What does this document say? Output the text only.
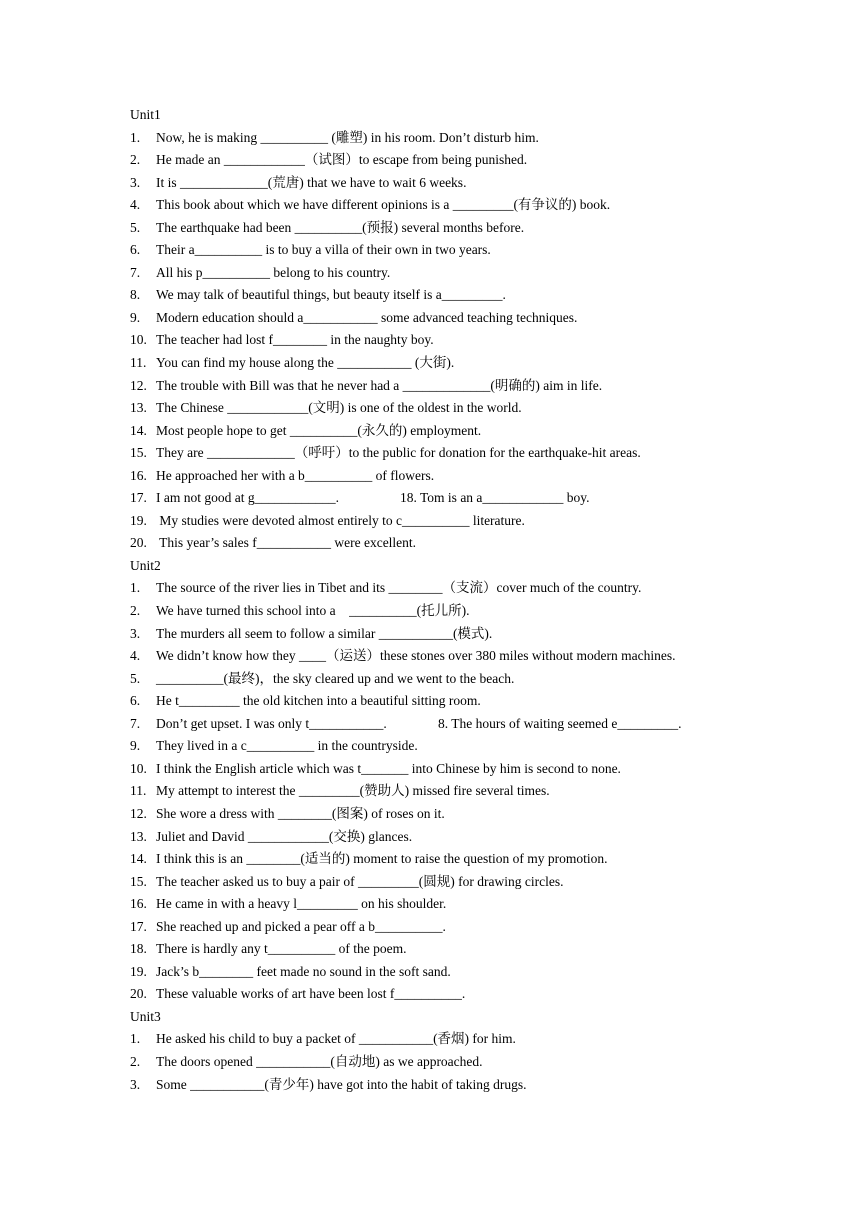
Unit1
1. Now, he is making __________ (雕塑) in his room. Don’t disturb him.
2. He made an ____________（试图）to escape from being punished.
3. It is _____________(荒唐) that we have to wait 6 weeks.
4. This book about which we have different opinions is a _________(有争议的) book.
5. The earthquake had been __________(预报) several months before.
6. Their a__________ is to buy a villa of their own in two years.
7. All his p__________ belong to his country.
8. We may talk of beautiful things, but beauty itself is a_________.
9. Modern education should a___________ some advanced teaching techniques.
10. The teacher had lost f________ in the naughty boy.
11. You can find my house along the ___________ (大街).
12. The trouble with Bill was that he never had a _____________(明确的) aim in life.
13. The Chinese ____________(文明) is one of the oldest in the world.
14. Most people hope to get __________(永久的) employment.
15. They are _____________（呼吁）to the public for donation for the earthquake-hit areas.
16. He approached her with a b__________ of flowers.
17. I am not good at g____________.	18. Tom is an a____________ boy.
19. My studies were devoted almost entirely to c__________ literature.
20. This year’s sales f___________ were excellent.
Unit2
1. The source of the river lies in Tibet and its ________（支流）cover much of the country.
2. We have turned this school into a    __________(托儿所).
3. The murders all seem to follow a similar ___________(模式).
4. We didn’t know how they ____（运送）these stones over 380 miles without modern machines.
5. __________(最终)，the sky cleared up and we went to the beach.
6. He t_________ the old kitchen into a beautiful sitting room.
7. Don’t get upset. I was only t___________.	8. The hours of waiting seemed e_________.
9. They lived in a c__________ in the countryside.
10. I think the English article which was t_______ into Chinese by him is second to none.
11. My attempt to interest the _________(赞助人) missed fire several times.
12. She wore a dress with ________(图案) of roses on it.
13. Juliet and David ____________(交换) glances.
14. I think this is an ________(适当的) moment to raise the question of my promotion.
15. The teacher asked us to buy a pair of _________(圆规) for drawing circles.
16. He came in with a heavy l_________ on his shoulder.
17. She reached up and picked a pear off a b__________.
18. There is hardly any t__________ of the poem.
19. Jack’s b________ feet made no sound in the soft sand.
20. These valuable works of art have been lost f__________.
Unit3
1. He asked his child to buy a packet of ___________(香烟) for him.
2. The doors opened ___________(自动地) as we approached.
3. Some ___________(青少年) have got into the habit of taking drugs.
